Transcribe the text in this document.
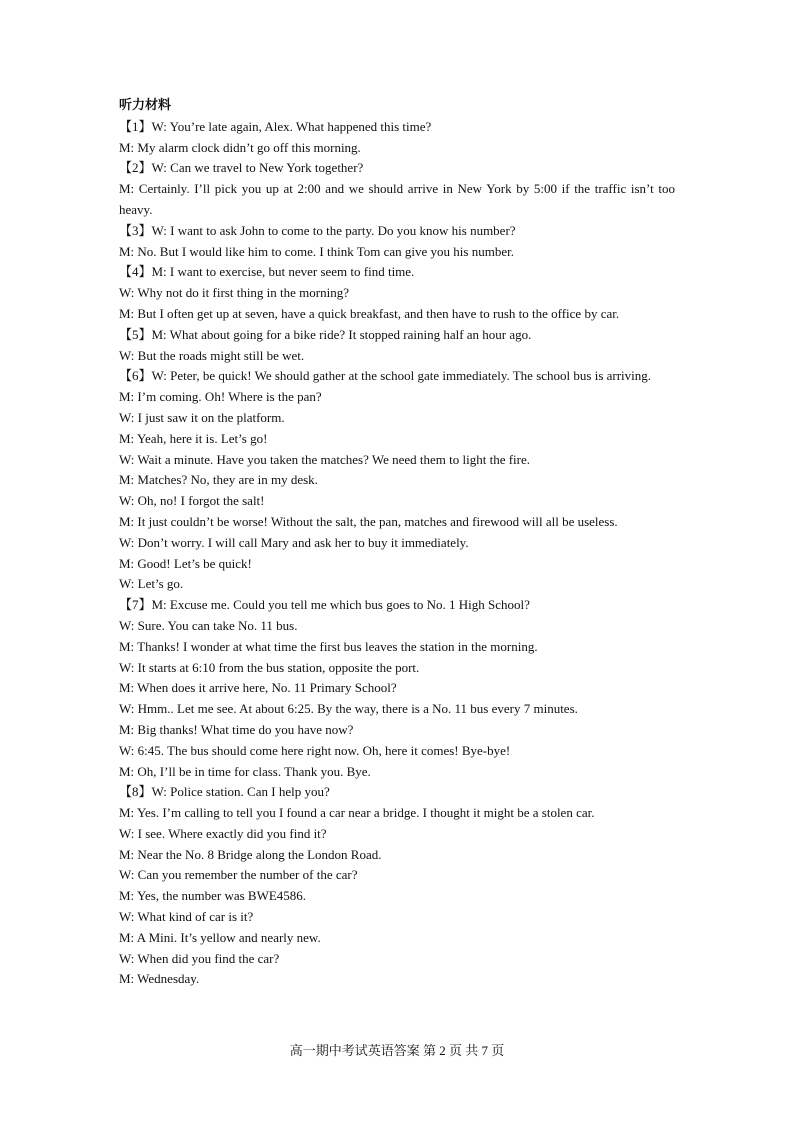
听力材料
【1】W: You’re late again, Alex. What happened this time?
M: My alarm clock didn’t go off this morning.
【2】W: Can we travel to New York together?
M: Certainly. I’ll pick you up at 2:00 and we should arrive in New York by 5:00 if the traffic isn’t too heavy.
【3】W: I want to ask John to come to the party. Do you know his number?
M: No. But I would like him to come. I think Tom can give you his number.
【4】M: I want to exercise, but never seem to find time.
W: Why not do it first thing in the morning?
M: But I often get up at seven, have a quick breakfast, and then have to rush to the office by car.
【5】M: What about going for a bike ride? It stopped raining half an hour ago.
W: But the roads might still be wet.
【6】W: Peter, be quick! We should gather at the school gate immediately. The school bus is arriving.
M: I’m coming. Oh! Where is the pan?
W: I just saw it on the platform.
M: Yeah, here it is. Let’s go!
W: Wait a minute. Have you taken the matches? We need them to light the fire.
M: Matches? No, they are in my desk.
W: Oh, no! I forgot the salt!
M: It just couldn’t be worse! Without the salt, the pan, matches and firewood will all be useless.
W: Don’t worry. I will call Mary and ask her to buy it immediately.
M: Good! Let’s be quick!
W: Let’s go.
【7】M: Excuse me. Could you tell me which bus goes to No. 1 High School?
W: Sure. You can take No. 11 bus.
M: Thanks! I wonder at what time the first bus leaves the station in the morning.
W: It starts at 6:10 from the bus station, opposite the port.
M: When does it arrive here, No. 11 Primary School?
W: Hmm.. Let me see. At about 6:25. By the way, there is a No. 11 bus every 7 minutes.
M: Big thanks! What time do you have now?
W: 6:45. The bus should come here right now. Oh, here it comes! Bye-bye!
M: Oh, I’ll be in time for class. Thank you. Bye.
【8】W: Police station. Can I help you?
M: Yes. I’m calling to tell you I found a car near a bridge. I thought it might be a stolen car.
W: I see. Where exactly did you find it?
M: Near the No. 8 Bridge along the London Road.
W: Can you remember the number of the car?
M: Yes, the number was BWE4586.
W: What kind of car is it?
M: A Mini. It’s yellow and nearly new.
W: When did you find the car?
M: Wednesday.
高一期中考试英语答案 第 2 页 共 7 页
